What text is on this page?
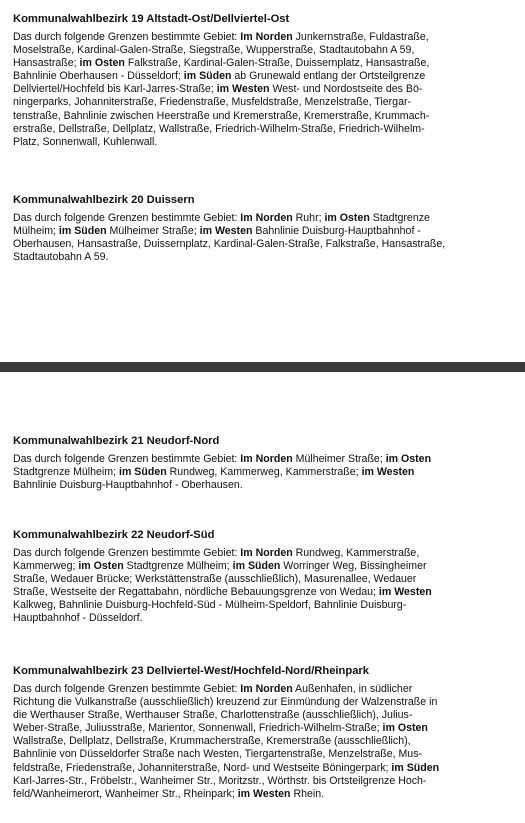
Kommunalwahlbezirk 19 Altstadt-Ost/Dellviertel-Ost
Das durch folgende Grenzen bestimmte Gebiet: Im Norden Junkernstraße, Fuldastraße,
Moselstraße, Kardinal-Galen-Straße, Siegstraße, Wupperstraße, Stadtautobahn A 59,
Hansastraße; im Osten Falkstraße, Kardinal-Galen-Straße, Duissernplatz, Hansastraße,
Bahnlinie Oberhausen - Düsseldorf; im Süden ab Grunewald entlang der Ortsteilgrenze
Dellviertel/Hochfeld bis Karl-Jarres-Straße; im Westen West- und Nordostseite des Bö-
ningerparks, Johanniterstraße, Friedenstraße, Musfeldstraße, Menzelstraße, Tiergar-
tenstraße, Bahnlinie zwischen Heerstraße und Kremerstraße, Kremerstraße, Krummach-
erstraße, Dellstraße, Dellplatz, Wallstraße, Friedrich-Wilhelm-Straße, Friedrich-Wilhelm-
Platz, Sonnenwall, Kuhlenwall.
Kommunalwahlbezirk 20 Duissern
Das durch folgende Grenzen bestimmte Gebiet: Im Norden Ruhr; im Osten Stadtgrenze
Mülheim; im Süden Mülheimer Straße; im Westen Bahnlinie Duisburg-Hauptbahnhof -
Oberhausen, Hansastraße, Duissernplatz, Kardinal-Galen-Straße, Falkstraße, Hansastraße,
Stadtautobahn A 59.
Kommunalwahlbezirk 21 Neudorf-Nord
Das durch folgende Grenzen bestimmte Gebiet: Im Norden Mülheimer Straße; im Osten
Stadtgrenze Mülheim; im Süden Rundweg, Kammerweg, Kammerstraße; im Westen
Bahnlinie Duisburg-Hauptbahnhof - Oberhausen.
Kommunalwahlbezirk 22 Neudorf-Süd
Das durch folgende Grenzen bestimmte Gebiet: Im Norden Rundweg, Kammerstraße,
Kammerweg; im Osten Stadtgrenze Mülheim; im Süden Worringer Weg, Bissingheimer
Straße, Wedauer Brücke; Werkstättenstraße (ausschließlich), Masurenallee, Wedauer
Straße, Westseite der Regattabahn, nördliche Bebauungsgrenze von Wedau; im Westen
Kalkweg, Bahnlinie Duisburg-Hochfeld-Süd - Mülheim-Speldorf, Bahnlinie Duisburg-
Hauptbahnhof - Düsseldorf.
Kommunalwahlbezirk 23 Dellviertel-West/Hochfeld-Nord/Rheinpark
Das durch folgende Grenzen bestimmte Gebiet: Im Norden Außenhafen, in südlicher
Richtung die Vulkanstraße (ausschließlich) kreuzend zur Einmündung der Walzenstraße in
die Werthauser Straße, Werthauser Straße, Charlottenstraße (ausschließlich), Julius-
Weber-Straße, Juliusstraße, Marientor, Sonnenwall, Friedrich-Wilhelm-Straße; im Osten
Wallstraße, Dellplatz, Dellstraße, Krummacherstraße, Kremerstraße (ausschließlich),
Bahnlinie von Düsseldorfer Straße nach Westen, Tiergartenstraße, Menzelstraße, Mus-
feldstraße, Friedenstraße, Johanniterstraße, Nord- und Westseite Böningerpark; im Süden
Karl-Jarres-Str., Fröbelstr., Wanheimer Str., Moritzstr., Wörthstr. bis Ortsteilgrenze Hoch-
feld/Wanheimerort, Wanheimer Str., Rheinpark; im Westen Rhein.
